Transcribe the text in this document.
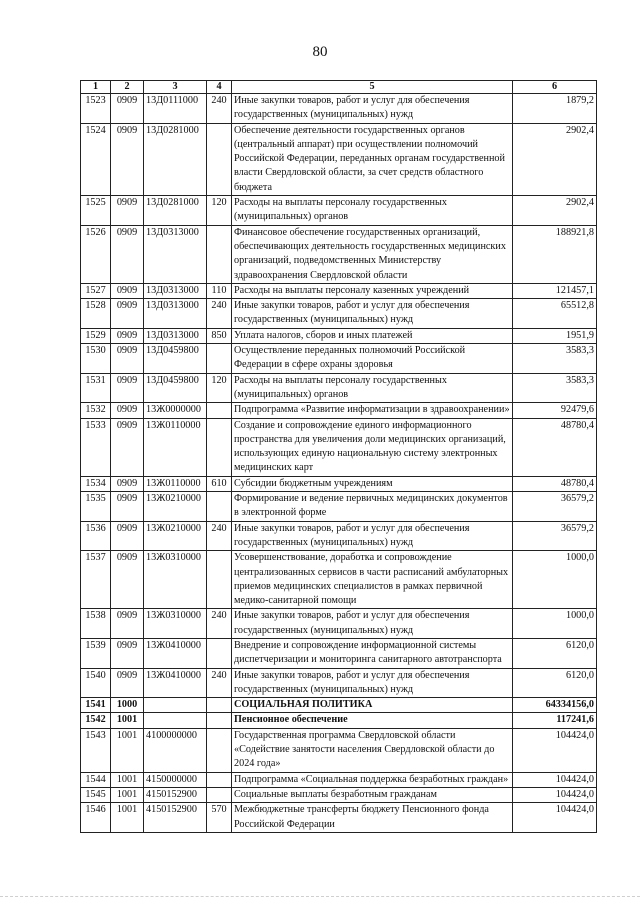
80
1	2	3	4	5	6
1523	0909	13Д0111000	240	Иные закупки товаров, работ и услуг для обеспечения государственных (муниципальных) нужд	1879,2
1524	0909	13Д0281000		Обеспечение деятельности государственных органов (центральный аппарат) при осуществлении полномочий Российской Федерации, переданных органам государственной власти Свердловской области, за счет средств областного бюджета	2902,4
1525	0909	13Д0281000	120	Расходы на выплаты персоналу государственных (муниципальных) органов	2902,4
1526	0909	13Д0313000		Финансовое обеспечение государственных организаций, обеспечивающих деятельность государственных медицинских организаций, подведомственных Министерству здравоохранения Свердловской области	188921,8
1527	0909	13Д0313000	110	Расходы на выплаты персоналу казенных учреждений	121457,1
1528	0909	13Д0313000	240	Иные закупки товаров, работ и услуг для обеспечения государственных (муниципальных) нужд	65512,8
1529	0909	13Д0313000	850	Уплата налогов, сборов и иных платежей	1951,9
1530	0909	13Д0459800		Осуществление переданных полномочий Российской Федерации в сфере охраны здоровья	3583,3
1531	0909	13Д0459800	120	Расходы на выплаты персоналу государственных (муниципальных) органов	3583,3
1532	0909	13Ж0000000		Подпрограмма «Развитие информатизации в здравоохранении»	92479,6
1533	0909	13Ж0110000		Создание и сопровождение единого информационного пространства для увеличения доли медицинских организаций, использующих единую национальную систему электронных медицинских карт	48780,4
1534	0909	13Ж0110000	610	Субсидии бюджетным учреждениям	48780,4
1535	0909	13Ж0210000		Формирование и ведение первичных медицинских документов в электронной форме	36579,2
1536	0909	13Ж0210000	240	Иные закупки товаров, работ и услуг для обеспечения государственных (муниципальных) нужд	36579,2
1537	0909	13Ж0310000		Усовершенствование, доработка и сопровождение централизованных сервисов в части расписаний амбулаторных приемов медицинских специалистов в рамках первичной медико-санитарной помощи	1000,0
1538	0909	13Ж0310000	240	Иные закупки товаров, работ и услуг для обеспечения государственных (муниципальных) нужд	1000,0
1539	0909	13Ж0410000		Внедрение и сопровождение информационной системы диспетчеризации и мониторинга санитарного автотранспорта	6120,0
1540	0909	13Ж0410000	240	Иные закупки товаров, работ и услуг для обеспечения государственных (муниципальных) нужд	6120,0
1541	1000			СОЦИАЛЬНАЯ ПОЛИТИКА	64334156,0
1542	1001			Пенсионное обеспечение	117241,6
1543	1001	4100000000		Государственная программа Свердловской области «Содействие занятости населения Свердловской области до 2024 года»	104424,0
1544	1001	4150000000		Подпрограмма «Социальная поддержка безработных граждан»	104424,0
1545	1001	4150152900		Социальные выплаты безработным гражданам	104424,0
1546	1001	4150152900	570	Межбюджетные трансферты бюджету Пенсионного фонда Российской Федерации	104424,0
